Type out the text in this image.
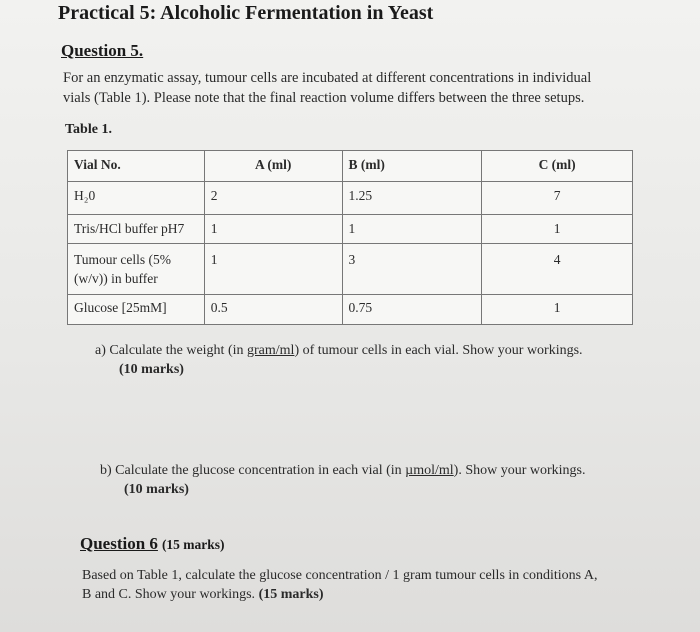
Practical 5: Alcoholic Fermentation in Yeast
Question 5.
For an enzymatic assay, tumour cells are incubated at different concentrations in individual
vials (Table 1). Please note that the final reaction volume differs between the three setups.
Table 1.
Vial No.	A (ml)	B (ml)	C (ml)
H₂0	2	1.25	7
Tris/HCl buffer pH7	1	1	1

Tumour cells (5%
(w/v)) in buffer	1	3	4
Glucose [25mM]	0.5	0.75	1
a) Calculate the weight (in gram/ml) of tumour cells in each vial. Show your workings.
(10 marks)
b) Calculate the glucose concentration in each vial (in µmol/ml). Show your workings.
(10 marks)
Question 6 (15 marks)
Based on Table 1, calculate the glucose concentration / 1 gram tumour cells in conditions A,
B and C. Show your workings. (15 marks)
